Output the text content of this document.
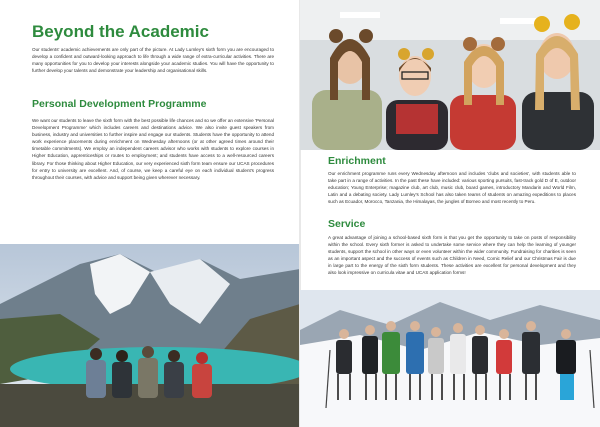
Beyond the Academic

Our students' academic achievements are only part of the picture. At Lady Lumley's sixth form you are encouraged to develop a confident and outward-looking approach to life through a wide range of extra-curricular activities. There are many opportunities for you to develop your interests alongside your academic studies. You will have the opportunity to further develop your talents and demonstrate your leadership and organisational skills.

Personal Development Programme

We want our students to leave the sixth form with the best possible life chances and so we offer an extensive 'Personal Development Programme' which includes careers and destinations advice. We also invite guest speakers from business, industry and universities to further inspire and engage our students. Students have the opportunity to attend work experience placements during enrichment on Wednesday afternoons (or at other agreed times around their timetable commitments). We employ an independent careers advisor who works with students to explore courses in Higher Education, apprenticeships or routes to employment; and students have access to a well-resourced careers library. For those thinking about Higher Education, our very experienced sixth form team ensure our UCAS procedures for entry to university are excellent. And, of course, we keep a careful eye on each individual student's progress throughout their courses, with advice and support being given wherever necessary.

Enrichment

Our enrichment programme runs every Wednesday afternoon and includes 'clubs and societies', with students able to take part in a range of activities. In the past these have included: various sporting pursuits, fast-track gold D of E, outdoor education; Young Enterprise; magazine club, art club, music club, board games, introductory Mandarin and World Film, Latin and a debating society. Lady Lumley's School has also taken teams of students on amazing expeditions to places such as Ecuador, Morocco, Tanzania, the Himalayas, the jungles of Borneo and most recently to Peru.

Service

A great advantage of joining a school-based sixth form is that you get the opportunity to take on posts of responsibility within the school. Every sixth former is asked to undertake some service where they can help the learning of younger students, support the school in other ways or even volunteer within the wider community. Fundraising for charities is seen as an important aspect and the success of events such as Children in Need, Comic Relief and our Christmas Fair is due in large part to the energy of the sixth form students. These activities are excellent for personal development and they also look impressive on curricula vitae and UCAS application forms!
